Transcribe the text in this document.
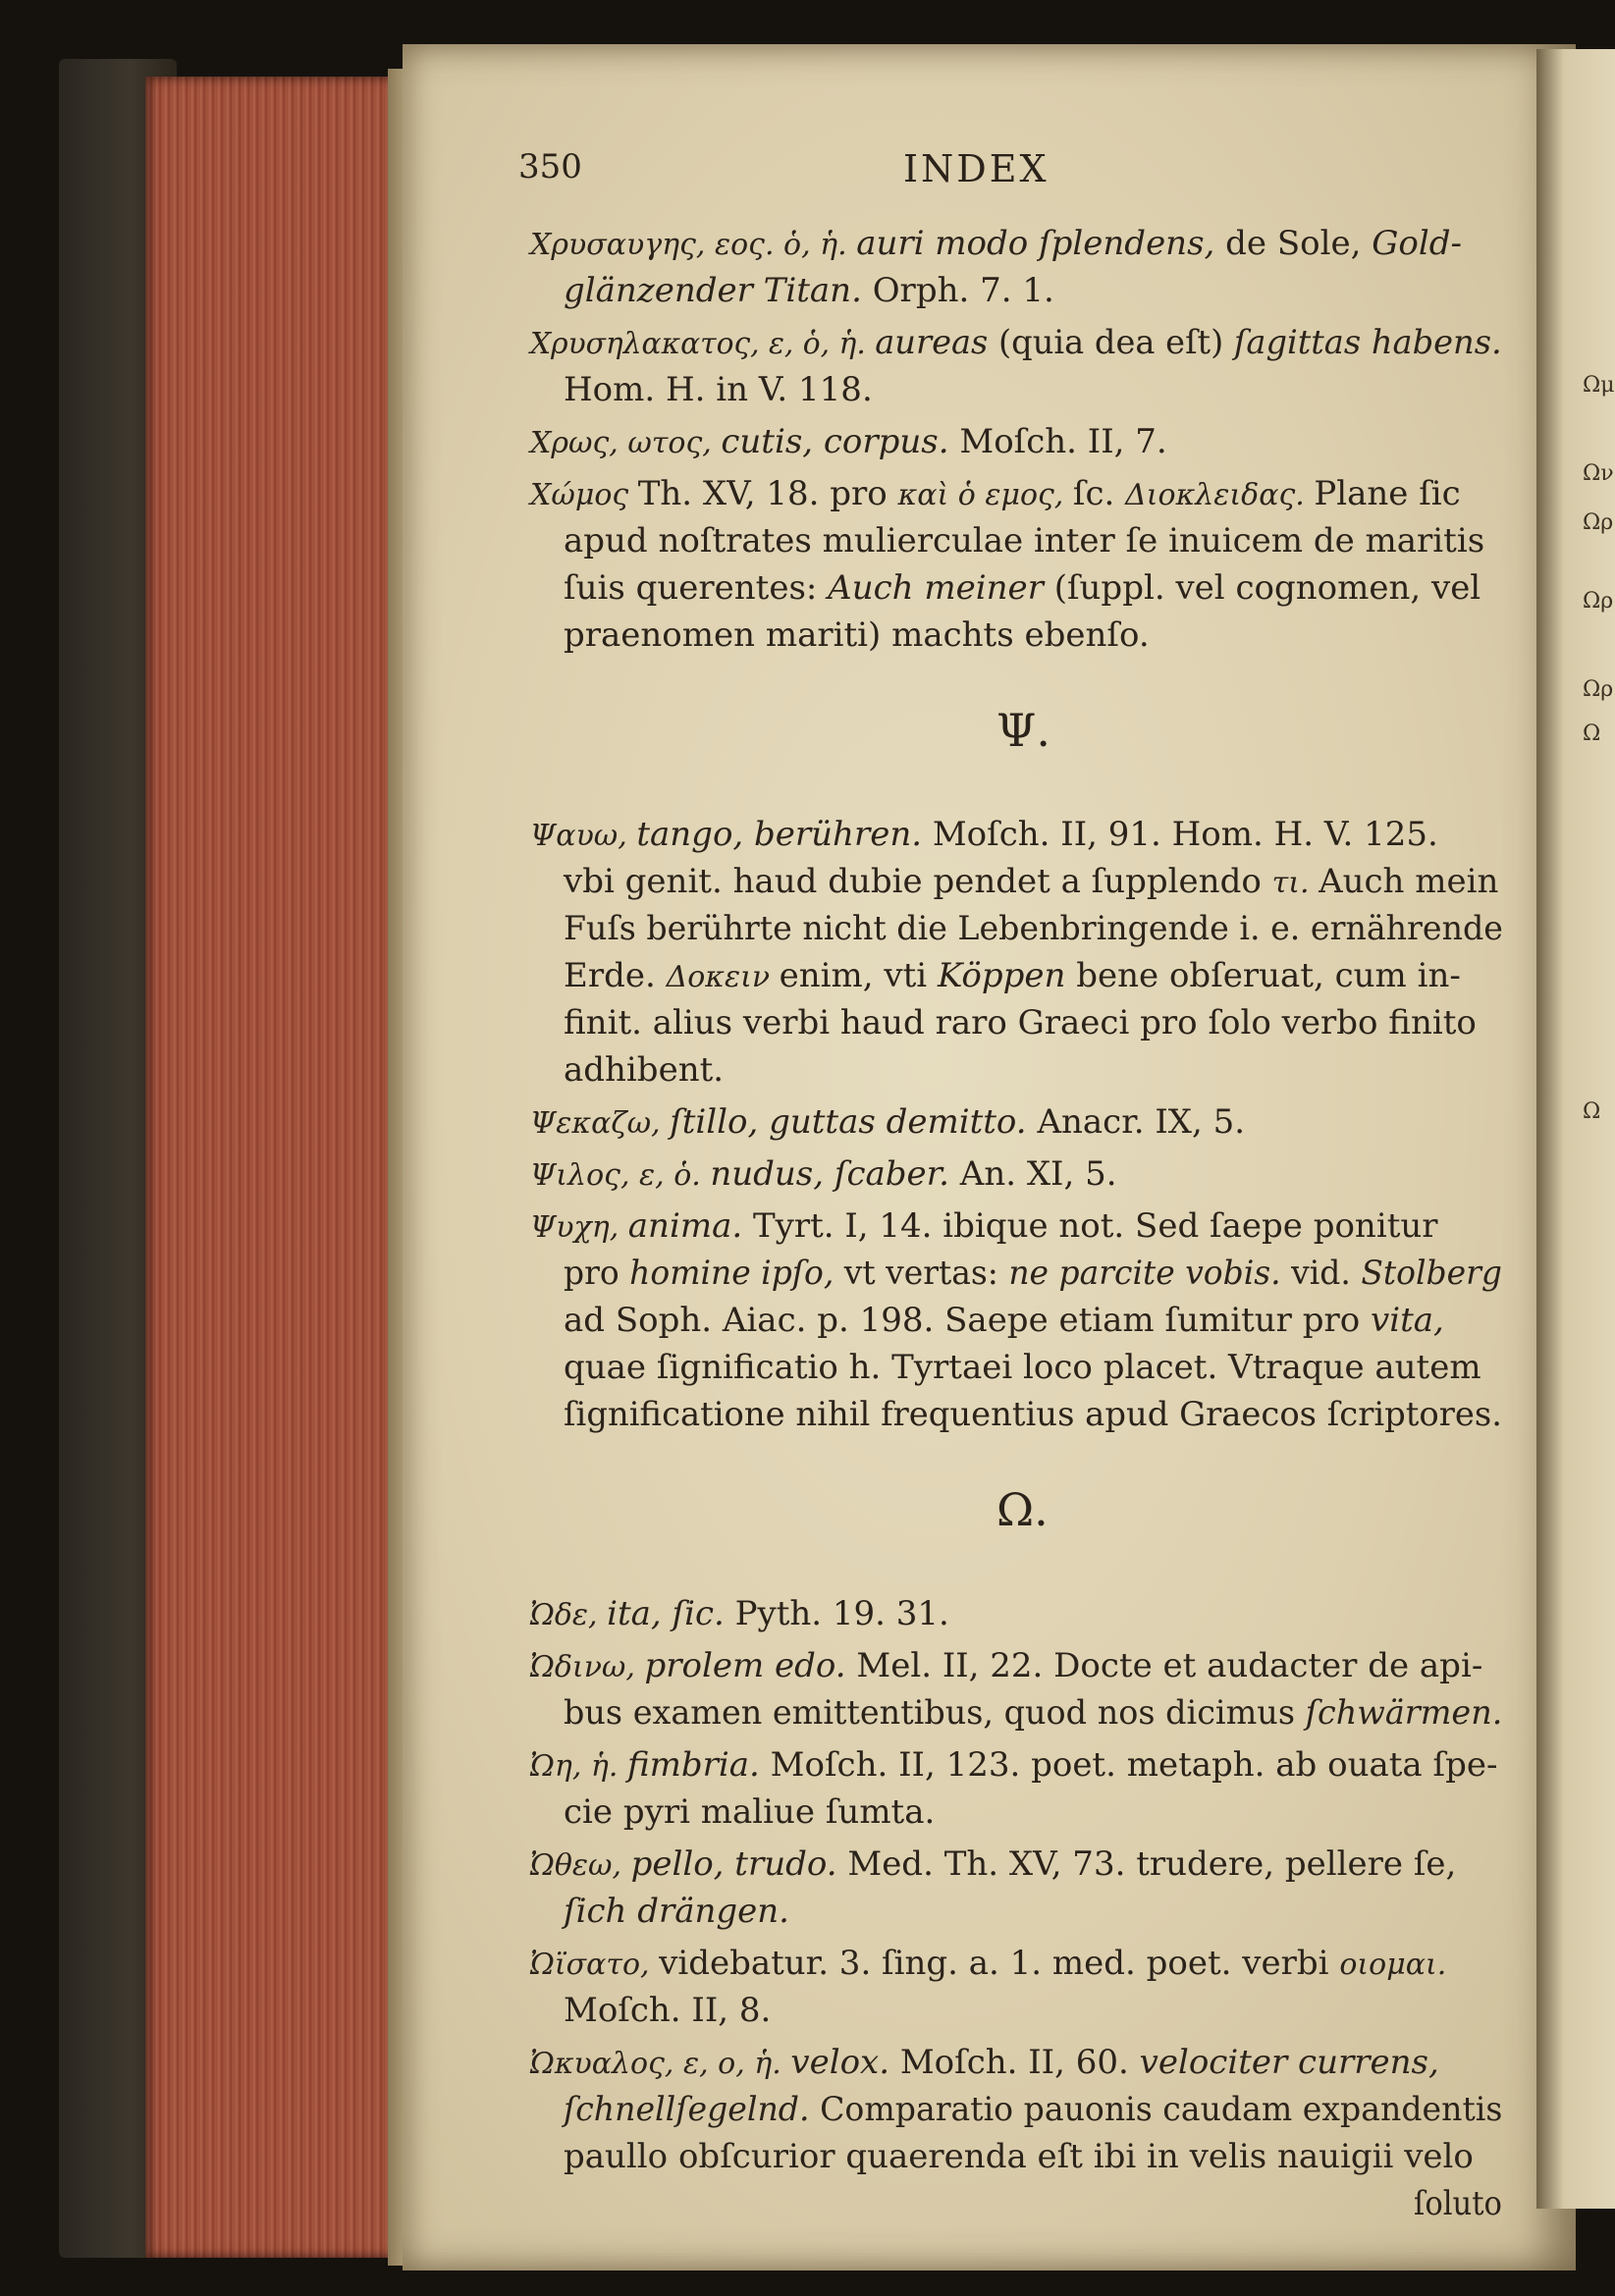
Ωμ
Ων
Ωρ
Ωρ
Ωρ
Ω
Ω
350	INDEX
Χρυσαυγης, εος. ὁ, ἡ. auri modo ſplendens, de Sole, Gold-
glänzender Titan. Orph. 7. 1.
Χρυσηλακατος, ε, ὁ, ἡ. aureas (quia dea eſt) ſagittas habens.
Hom. H. in V. 118.
Χρως, ωτος, cutis, corpus. Moſch. II, 7.
Χώμος Th. XV, 18. pro καὶ ὁ εμος, ſc. Διοκλειδας. Plane ſic
apud noſtrates mulierculae inter ſe inuicem de maritis
ſuis querentes: Auch meiner (ſuppl. vel cognomen, vel
praenomen mariti) machts ebenſo.
Ψ.
Ψαυω, tango, berühren. Moſch. II, 91. Hom. H. V. 125.
vbi genit. haud dubie pendet a ſupplendo τι. Auch mein
Fuſs berührte nicht die Lebenbringende i. e. ernährende
Erde. Δοκειν enim, vti Köppen bene obſeruat, cum in-
finit. alius verbi haud raro Graeci pro ſolo verbo finito
adhibent.
Ψεκαζω, ſtillo, guttas demitto. Anacr. IX, 5.
Ψιλος, ε, ὁ. nudus, ſcaber. An. XI, 5.
Ψυχη, anima. Tyrt. I, 14. ibique not. Sed ſaepe ponitur
pro homine ipſo, vt vertas: ne parcite vobis. vid. Stolberg
ad Soph. Aiac. p. 198. Saepe etiam ſumitur pro vita,
quae ſignificatio h. Tyrtaei loco placet. Vtraque autem
ſignificatione nihil frequentius apud Graecos ſcriptores.
Ω.
Ὠδε, ita, ſic. Pyth. 19. 31.
Ὠδινω, prolem edo. Mel. II, 22. Docte et audacter de api-
bus examen emittentibus, quod nos dicimus ſchwärmen.
Ὠη, ἡ. fimbria. Moſch. II, 123. poet. metaph. ab ouata ſpe-
cie pyri maliue ſumta.
Ὠθεω, pello, trudo. Med. Th. XV, 73. trudere, pellere ſe,
ſich drängen.
Ὠϊσατο, videbatur. 3. ſing. a. 1. med. poet. verbi οιομαι.
Moſch. II, 8.
Ὠκυαλος, ε, ο, ἡ. velox. Moſch. II, 60. velociter currens,
ſchnellſegelnd. Comparatio pauonis caudam expandentis
paullo obſcurior quaerenda eſt ibi in velis nauigii velo
ſoluto
